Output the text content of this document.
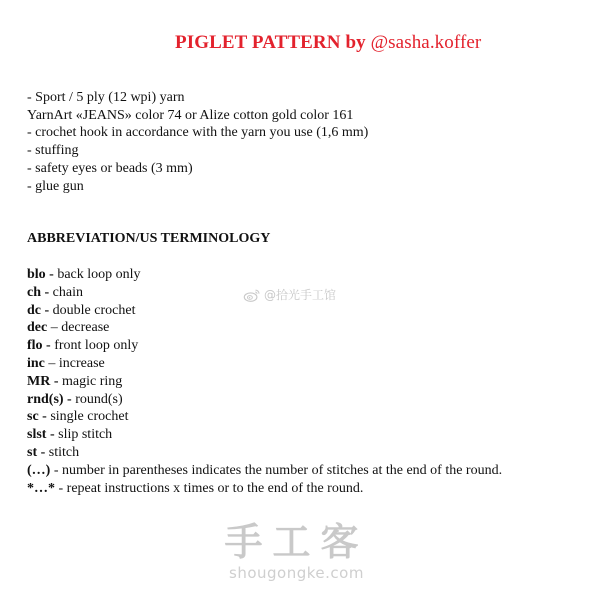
PIGLET PATTERN by @sasha.koffer
- Sport / 5 ply (12 wpi) yarn
YarnArt «JEANS» color 74 or Alize cotton gold color 161
- crochet hook in accordance with the yarn you use (1,6 mm)
- stuffing
- safety eyes or beads (3 mm)
- glue gun
ABBREVIATION/US TERMINOLOGY
blo - back loop only
ch - chain
dc - double crochet
dec – decrease
flo - front loop only
inc – increase
MR - magic ring
rnd(s) - round(s)
sc - single crochet
slst - slip stitch
st - stitch
(…) - number in parentheses indicates the number of stitches at the end of the round.
*…* - repeat instructions x times or to the end of the round.
@拾光手工馆
手工客
shougongke.com
